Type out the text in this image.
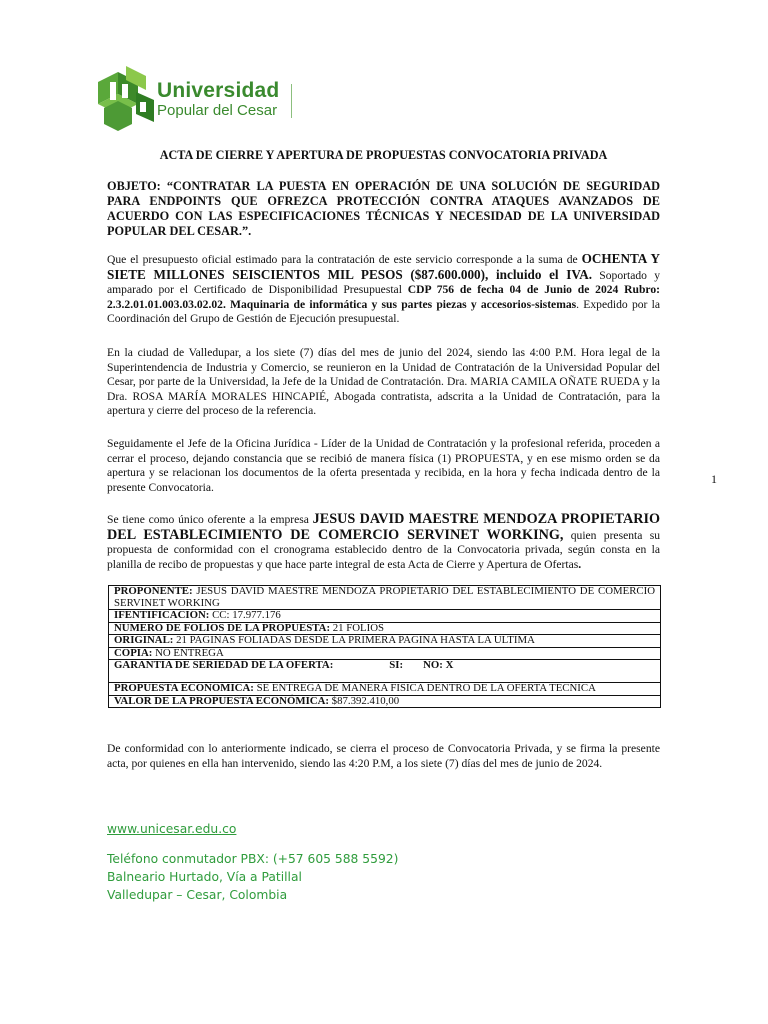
Universidad
Popular del Cesar
ACTA DE CIERRE Y APERTURA DE PROPUESTAS CONVOCATORIA PRIVADA

OBJETO: “CONTRATAR LA PUESTA EN OPERACIÓN DE UNA SOLUCIÓN DE SEGURIDAD PARA ENDPOINTS QUE OFREZCA PROTECCIÓN CONTRA ATAQUES AVANZADOS DE ACUERDO CON LAS ESPECIFICACIONES TÉCNICAS Y NECESIDAD DE LA UNIVERSIDAD POPULAR DEL CESAR.”.

Que el presupuesto oficial estimado para la contratación de este servicio corresponde a la suma de OCHENTA Y SIETE MILLONES SEISCIENTOS MIL PESOS ($87.600.000), incluido el IVA. Soportado y amparado por el Certificado de Disponibilidad Presupuestal CDP 756 de fecha 04 de Junio de 2024 Rubro: 2.3.2.01.01.003.03.02.02. Maquinaria de informática y sus partes piezas y accesorios-sistemas. Expedido por la Coordinación del Grupo de Gestión de Ejecución presupuestal.

En la ciudad de Valledupar, a los siete (7) días del mes de junio del 2024, siendo las 4:00 P.M. Hora legal de la Superintendencia de Industria y Comercio, se reunieron en la Unidad de Contratación de la Universidad Popular del Cesar, por parte de la Universidad, la Jefe de la Unidad de Contratación. Dra. MARIA CAMILA OÑATE RUEDA y la Dra. ROSA MARÍA MORALES HINCAPIÉ, Abogada contratista, adscrita a la Unidad de Contratación, para la apertura y cierre del proceso de la referencia.

Seguidamente el Jefe de la Oficina Jurídica - Líder de la Unidad de Contratación y la profesional referida, proceden a cerrar el proceso, dejando constancia que se recibió de manera física (1) PROPUESTA, y en ese mismo orden se da apertura y se relacionan los documentos de la oferta presentada y recibida, en la hora y fecha indicada dentro de la presente Convocatoria.

1

Se tiene como único oferente a la empresa JESUS DAVID MAESTRE MENDOZA PROPIETARIO DEL ESTABLECIMIENTO DE COMERCIO SERVINET WORKING, quien presenta su propuesta de conformidad con el cronograma establecido dentro de la Convocatoria privada, según consta en la planilla de recibo de propuestas y que hace parte integral de esta Acta de Cierre y Apertura de Ofertas.

PROPONENTE: JESUS DAVID MAESTRE MENDOZA PROPIETARIO DEL ESTABLECIMIENTO DE COMERCIO SERVINET WORKING
IFENTIFICACION: CC: 17.977.176
NUMERO DE FOLIOS DE LA PROPUESTA: 21 FOLIOS
ORIGINAL: 21 PAGINAS FOLIADAS DESDE LA PRIMERA PAGINA HASTA LA ULTIMA
COPIA: NO ENTREGA
GARANTIA DE SERIEDAD DE LA OFERTA:	SI: NO: X
PROPUESTA ECONOMICA: SE ENTREGA DE MANERA FISICA DENTRO DE LA OFERTA TECNICA
VALOR DE LA PROPUESTA ECONÓMICA: $87.392.410,00

De conformidad con lo anteriormente indicado, se cierra el proceso de Convocatoria Privada, y se firma la presente acta, por quienes en ella han intervenido, siendo las 4:20 P.M, a los siete (7) días del mes de junio de 2024.

www.unicesar.edu.co
Teléfono conmutador PBX: (+57 605 588 5592)
Balneario Hurtado, Vía a Patillal
Valledupar – Cesar, Colombia
